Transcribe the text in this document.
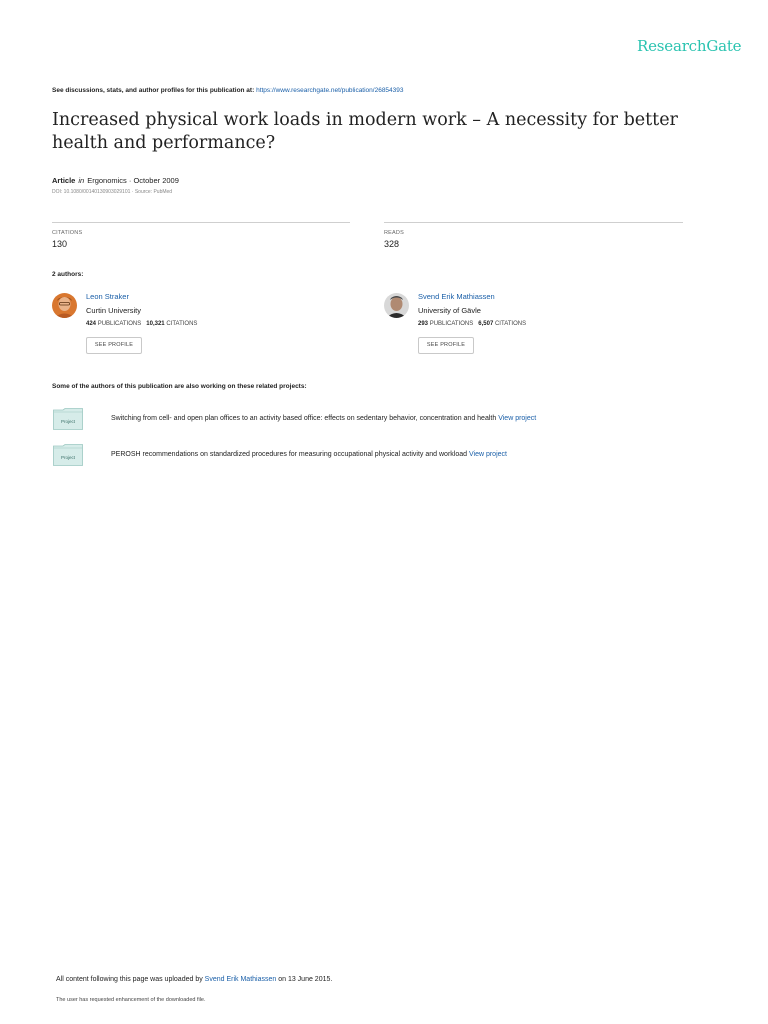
ResearchGate
See discussions, stats, and author profiles for this publication at: https://www.researchgate.net/publication/26854393
Increased physical work loads in modern work – A necessity for better health and performance?
Article in Ergonomics · October 2009
DOI: 10.1080/00140130903029101 · Source: PubMed
CITATIONS
130
READS
328
2 authors:
Leon Straker
Curtin University
424 PUBLICATIONS 10,321 CITATIONS
SEE PROFILE
Svend Erik Mathiassen
University of Gävle
293 PUBLICATIONS 6,507 CITATIONS
SEE PROFILE
Some of the authors of this publication are also working on these related projects:
Project	Switching from cell- and open plan offices to an activity based office: effects on sedentary behavior, concentration and health View project
Project	PEROSH recommendations on standardized procedures for measuring occupational physical activity and workload View project
All content following this page was uploaded by Svend Erik Mathiassen on 13 June 2015.
The user has requested enhancement of the downloaded file.
